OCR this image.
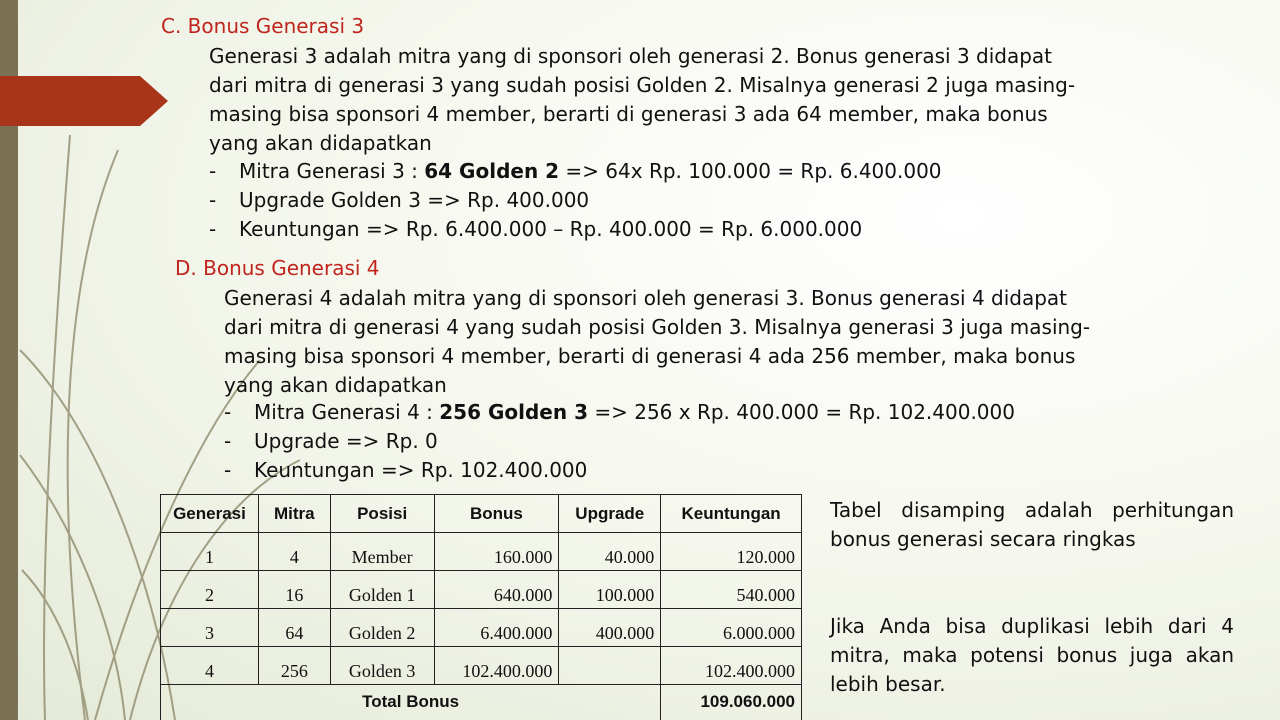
C. Bonus Generasi 3
Generasi 3 adalah mitra yang di sponsori oleh generasi 2. Bonus generasi 3 didapat
dari mitra di generasi 3 yang sudah posisi Golden 2. Misalnya generasi 2 juga masing-
masing bisa sponsori 4 member, berarti di generasi 3 ada 64 member, maka bonus
yang akan didapatkan
- Mitra Generasi 3 : 64 Golden 2 => 64x Rp. 100.000 = Rp. 6.400.000
- Upgrade Golden 3 => Rp. 400.000
- Keuntungan => Rp. 6.400.000 – Rp. 400.000 = Rp. 6.000.000
D. Bonus Generasi 4
Generasi 4 adalah mitra yang di sponsori oleh generasi 3. Bonus generasi 4 didapat
dari mitra di generasi 4 yang sudah posisi Golden 3. Misalnya generasi 3 juga masing-
masing bisa sponsori 4 member, berarti di generasi 4 ada 256 member, maka bonus
yang akan didapatkan
- Mitra Generasi 4 : 256 Golden 3 => 256 x Rp. 400.000 = Rp. 102.400.000
- Upgrade => Rp. 0
- Keuntungan => Rp. 102.400.000
Generasi	Mitra	Posisi	Bonus	Upgrade	Keuntungan
1	4	Member	160.000	40.000	120.000
2	16	Golden 1	640.000	100.000	540.000
3	64	Golden 2	6.400.000	400.000	6.000.000
4	256	Golden 3	102.400.000		102.400.000
Total Bonus					109.060.000
Tabel disamping adalah perhitungan bonus generasi secara ringkas
Jika Anda bisa duplikasi lebih dari 4 mitra, maka potensi bonus juga akan lebih besar.
